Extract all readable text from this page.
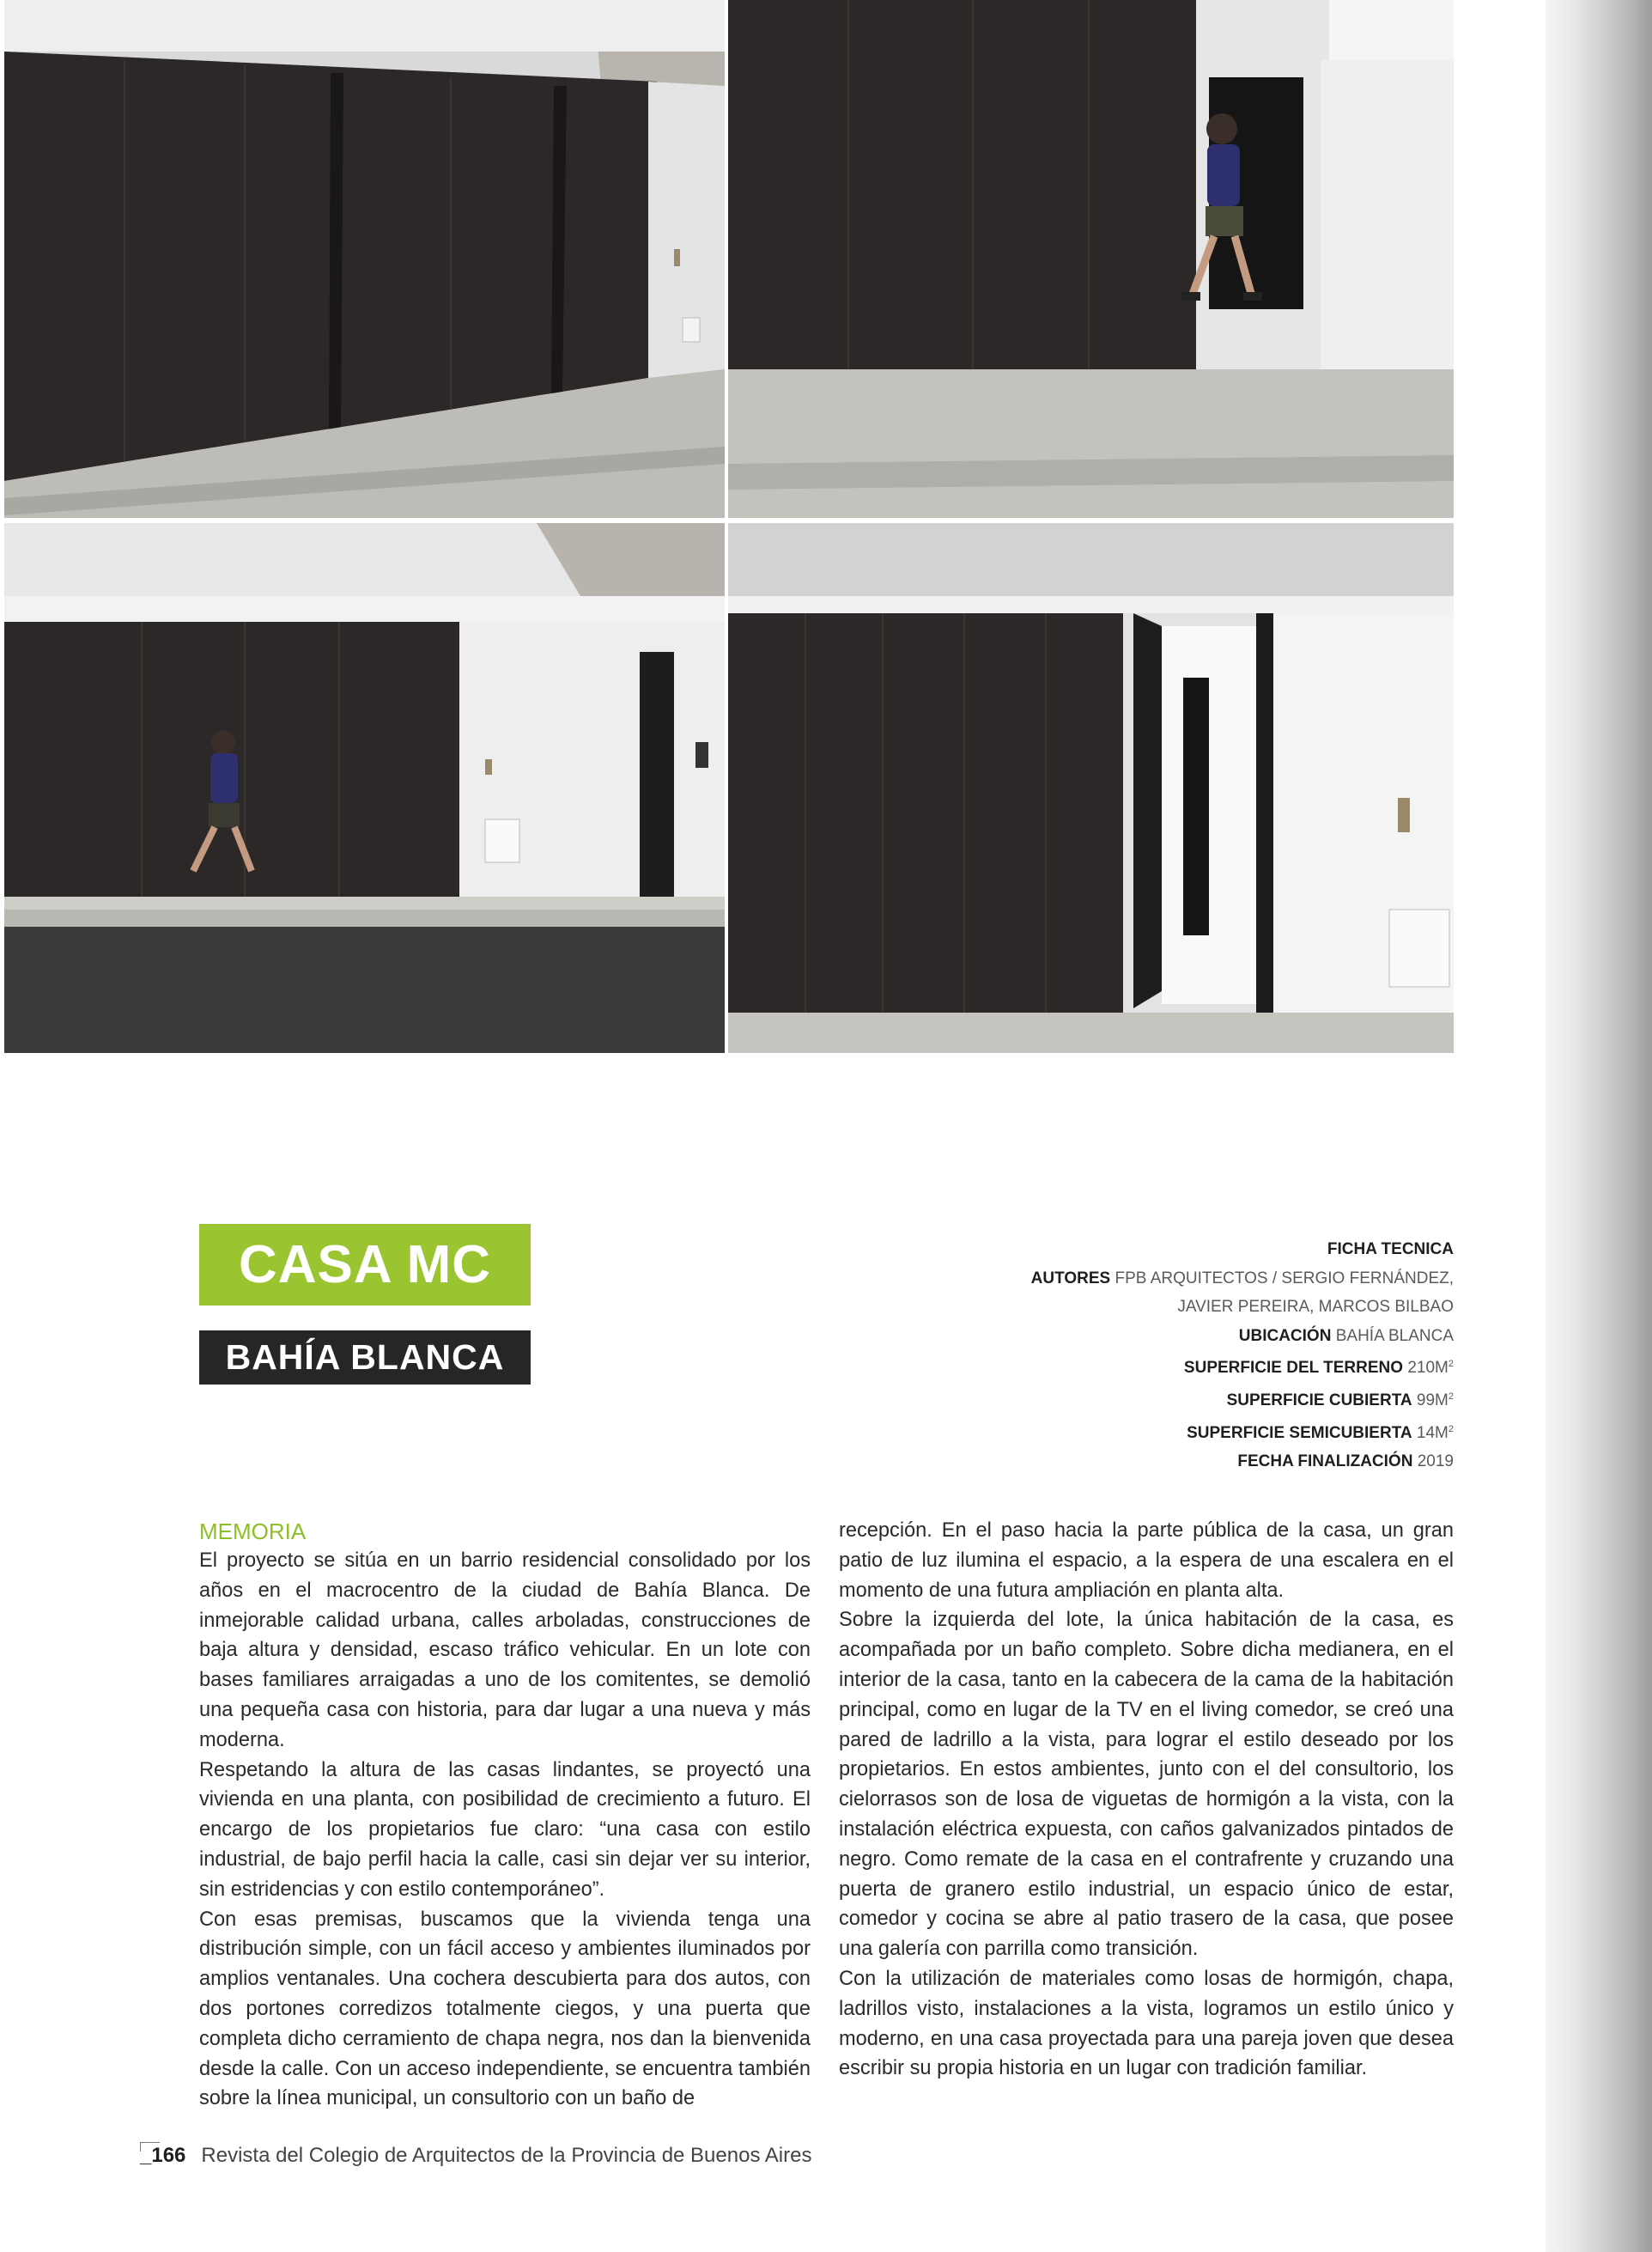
CASA MC
BAHÍA BLANCA
FICHA TECNICA
AUTORES FPB ARQUITECTOS / SERGIO FERNÁNDEZ,
JAVIER PEREIRA, MARCOS BILBAO
UBICACIÓN BAHÍA BLANCA
SUPERFICIE DEL TERRENO $210M^2$
SUPERFICIE CUBIERTA $99M^2$
SUPERFICIE SEMICUBIERTA $14M^2$
FECHA FINALIZACIÓN 2019
MEMORIA

El proyecto se sitúa en un barrio residencial consolidado por los años en el macrocentro de la ciudad de Bahía Blanca. De inmejorable calidad urbana, calles arboladas, construcciones de baja altura y densidad, escaso tráfico vehicular. En un lote con bases familiares arraigadas a uno de los comitentes, se demolió una pequeña casa con historia, para dar lugar a una nueva y más moderna.

Respetando la altura de las casas lindantes, se proyectó una vivienda en una planta, con posibilidad de crecimiento a futuro. El encargo de los propietarios fue claro: “una casa con estilo industrial, de bajo perfil hacia la calle, casi sin dejar ver su interior, sin estridencias y con estilo contemporáneo”.

Con esas premisas, buscamos que la vivienda tenga una distribución simple, con un fácil acceso y ambientes iluminados por amplios ventanales. Una cochera descubierta para dos autos, con dos portones corredizos totalmente ciegos, y una puerta que completa dicho cerramiento de chapa negra, nos dan la bienvenida desde la calle. Con un acceso independiente, se encuentra también sobre la línea municipal, un consultorio con un baño de

recepción. En el paso hacia la parte pública de la casa, un gran patio de luz ilumina el espacio, a la espera de una escalera en el momento de una futura ampliación en planta alta.

Sobre la izquierda del lote, la única habitación de la casa, es acompañada por un baño completo. Sobre dicha medianera, en el interior de la casa, tanto en la cabecera de la cama de la habitación principal, como en lugar de la TV en el living comedor, se creó una pared de ladrillo a la vista, para lograr el estilo deseado por los propietarios. En estos ambientes, junto con el del consultorio, los cielorrasos son de losa de viguetas de hormigón a la vista, con la instalación eléctrica expuesta, con caños galvanizados pintados de negro. Como remate de la casa en el contrafrente y cruzando una puerta de granero estilo industrial, un espacio único de estar, comedor y cocina se abre al patio trasero de la casa, que posee una galería con parrilla como transición.

Con la utilización de materiales como losas de hormigón, chapa, ladrillos visto, instalaciones a la vista, logramos un estilo único y moderno, en una casa proyectada para una pareja joven que desea escribir su propia historia en un lugar con tradición familiar.

_166 Revista del Colegio de Arquitectos de la Provincia de Buenos Aires
